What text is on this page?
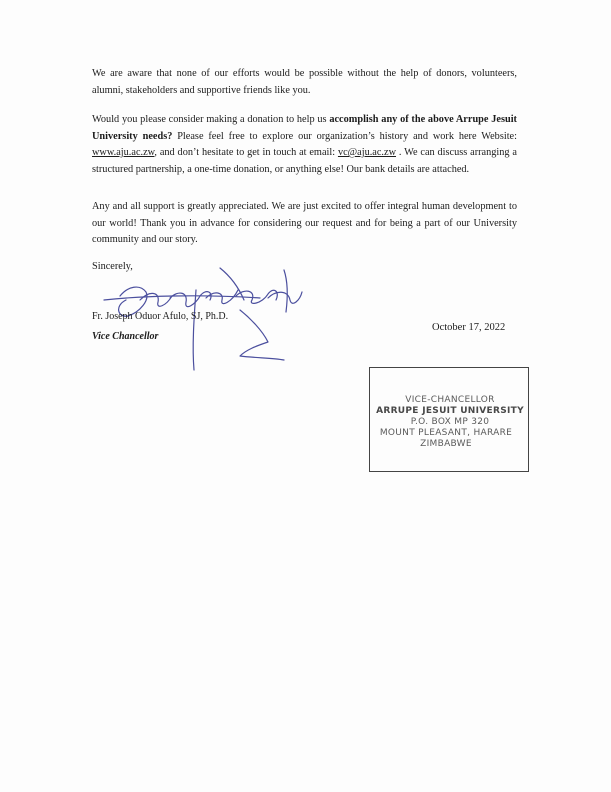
We are aware that none of our efforts would be possible without the help of donors, volunteers, alumni, stakeholders and supportive friends like you.

Would you please consider making a donation to help us accomplish any of the above Arrupe Jesuit University needs? Please feel free to explore our organization’s history and work here Website: www.aju.ac.zw, and don’t hesitate to get in touch at email: vc@aju.ac.zw . We can discuss arranging a structured partnership, a one-time donation, or anything else! Our bank details are attached.

Any and all support is greatly appreciated. We are just excited to offer integral human development to our world! Thank you in advance for considering our request and for being a part of our University community and our story.

Sincerely,
Fr. Joseph Oduor Afulo, SJ, Ph.D.
Vice Chancellor
October 17, 2022
VICE-CHANCELLOR
ARRUPE JESUIT UNIVERSITY
P.O. BOX MP 320
MOUNT PLEASANT, HARARE
ZIMBABWE
